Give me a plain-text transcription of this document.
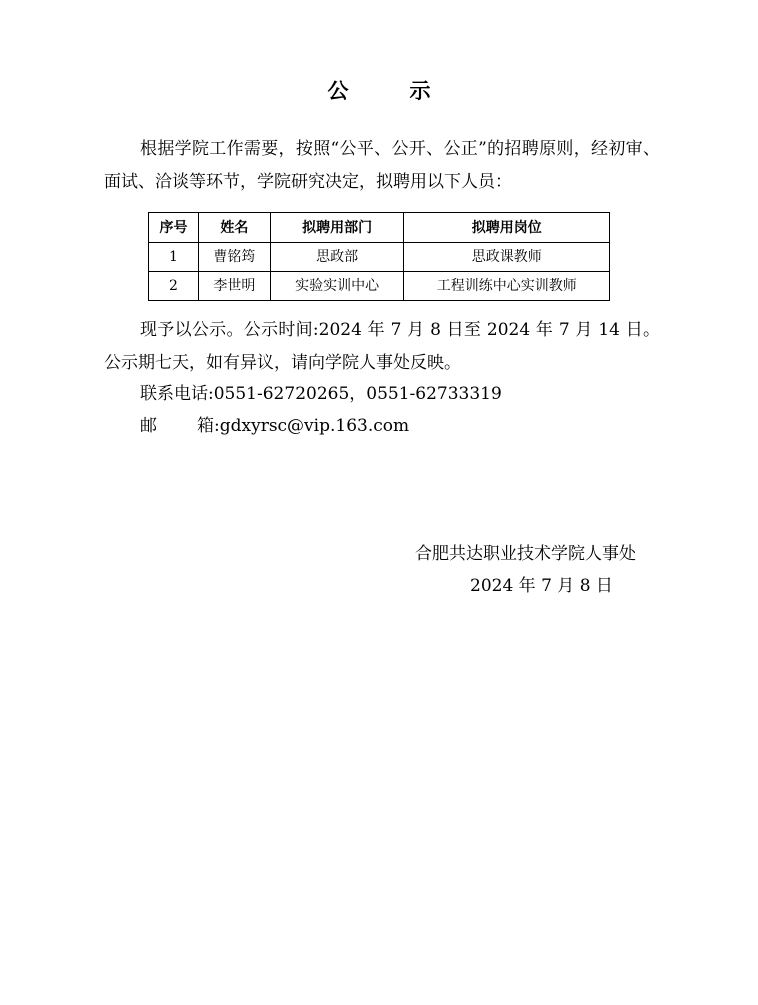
公　示

根据学院工作需要，按照“公平、公开、公正”的招聘原则，经初审、面试、洽谈等环节，学院研究决定，拟聘用以下人员：

序号	姓名	拟聘用部门	拟聘用岗位
1	曹铭筠	思政部	思政课教师
2	李世明	实验实训中心	工程训练中心实训教师

现予以公示。公示时间:2024 年 7 月 8 日至 2024 年 7 月 14 日。公示期七天，如有异议，请向学院人事处反映。

联系电话:0551-62720265，0551-62733319
邮 箱:gdxyrsc@vip.163.com
合肥共达职业技术学院人事处
2024 年 7 月 8 日
